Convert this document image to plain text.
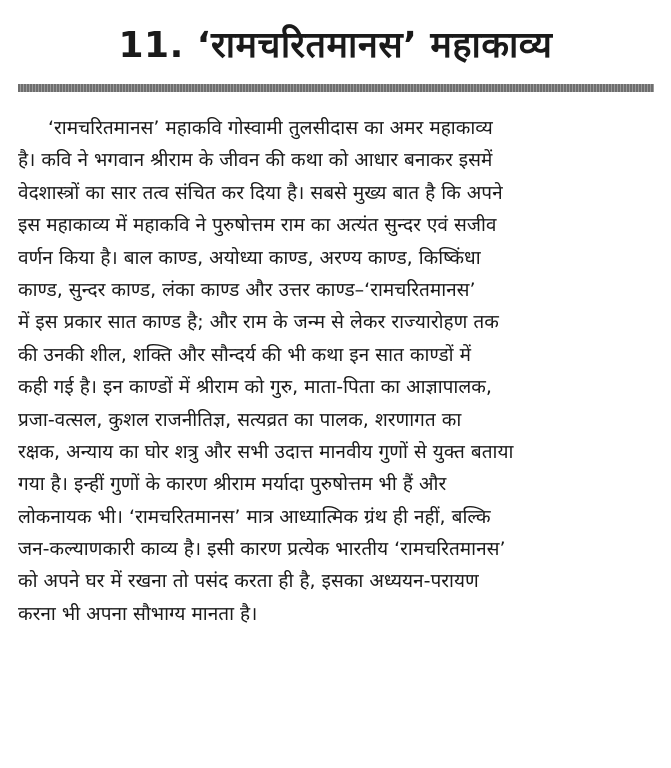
11. ‘रामचरितमानस’ महाकाव्य
‘रामचरितमानस’ महाकवि गोस्वामी तुलसीदास का अमर महाकाव्य
है। कवि ने भगवान श्रीराम के जीवन की कथा को आधार बनाकर इसमें
वेदशास्त्रों का सार तत्व संचित कर दिया है। सबसे मुख्य बात है कि अपने
इस महाकाव्य में महाकवि ने पुरुषोत्तम राम का अत्यंत सुन्दर एवं सजीव
वर्णन किया है। बाल काण्ड, अयोध्या काण्ड, अरण्य काण्ड, किष्किंधा
काण्ड, सुन्दर काण्ड, लंका काण्ड और उत्तर काण्ड–‘रामचरितमानस’
में इस प्रकार सात काण्ड है; और राम के जन्म से लेकर राज्यारोहण तक
की उनकी शील, शक्ति और सौन्दर्य की भी कथा इन सात काण्डों में
कही गई है। इन काण्डों में श्रीराम को गुरु, माता-पिता का आज्ञापालक,
प्रजा-वत्सल, कुशल राजनीतिज्ञ, सत्यव्रत का पालक, शरणागत का
रक्षक, अन्याय का घोर शत्रु और सभी उदात्त मानवीय गुणों से युक्त बताया
गया है। इन्हीं गुणों के कारण श्रीराम मर्यादा पुरुषोत्तम भी हैं और
लोकनायक भी। ‘रामचरितमानस’ मात्र आध्यात्मिक ग्रंथ ही नहीं, बल्कि
जन-कल्याणकारी काव्य है। इसी कारण प्रत्येक भारतीय ‘रामचरितमानस’
को अपने घर में रखना तो पसंद करता ही है, इसका अध्ययन-परायण
करना भी अपना सौभाग्य मानता है।
